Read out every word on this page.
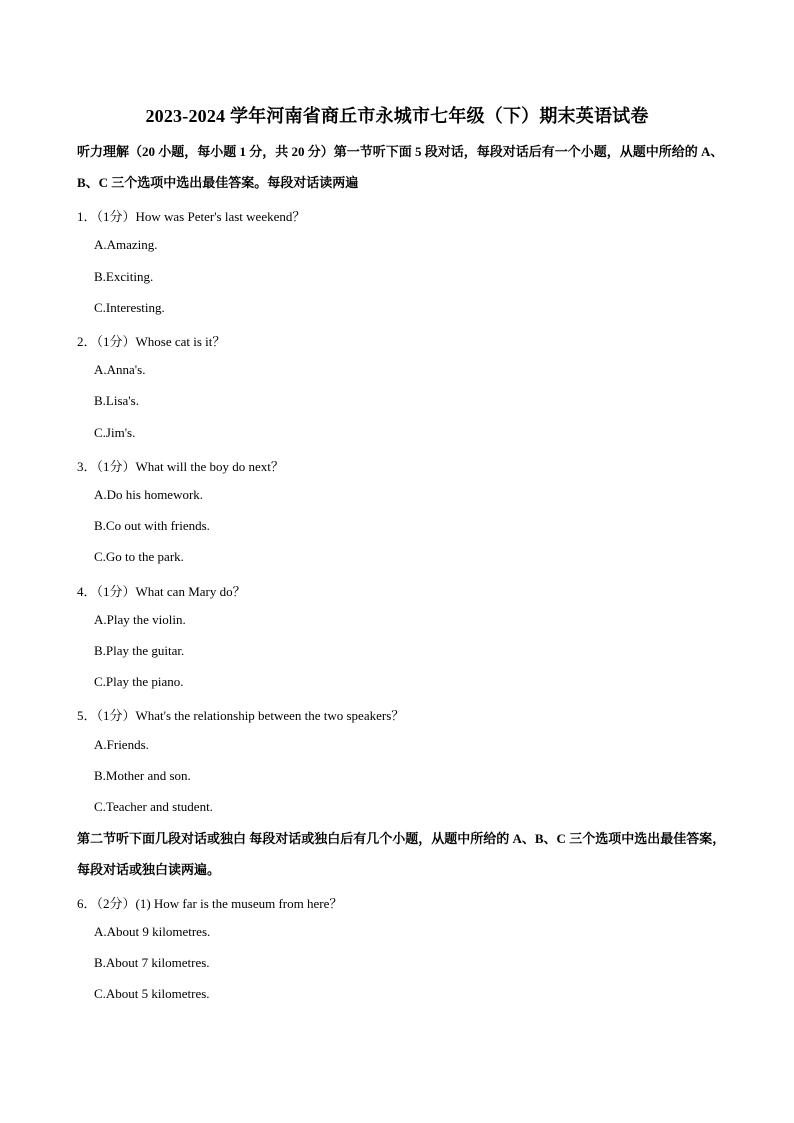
2023-2024 学年河南省商丘市永城市七年级（下）期末英语试卷
听力理解（20 小题，每小题 1 分，共 20 分）第一节听下面 5 段对话，每段对话后有一个小题，从题中所给的 A、B、C 三个选项中选出最佳答案。每段对话读两遍
1．（1分）How was Peter's last weekend？
A.Amazing.
B.Exciting.
C.Interesting.
2．（1分）Whose cat is it？
A.Anna's.
B.Lisa's.
C.Jim's.
3．（1分）What will the boy do next？
A.Do his homework.
B.Co out with friends.
C.Go to the park.
4．（1分）What can Mary do？
A.Play the violin.
B.Play the guitar.
C.Play the piano.
5．（1分）What's the relationship between the two speakers？
A.Friends.
B.Mother and son.
C.Teacher and student.
第二节听下面几段对话或独白 每段对话或独白后有几个小题，从题中所给的 A、B、C 三个选项中选出最佳答案，每段对话或独白读两遍。
6．（2分）(1) How far is the museum from here？
A.About 9 kilometres.
B.About 7 kilometres.
C.About 5 kilometres.
